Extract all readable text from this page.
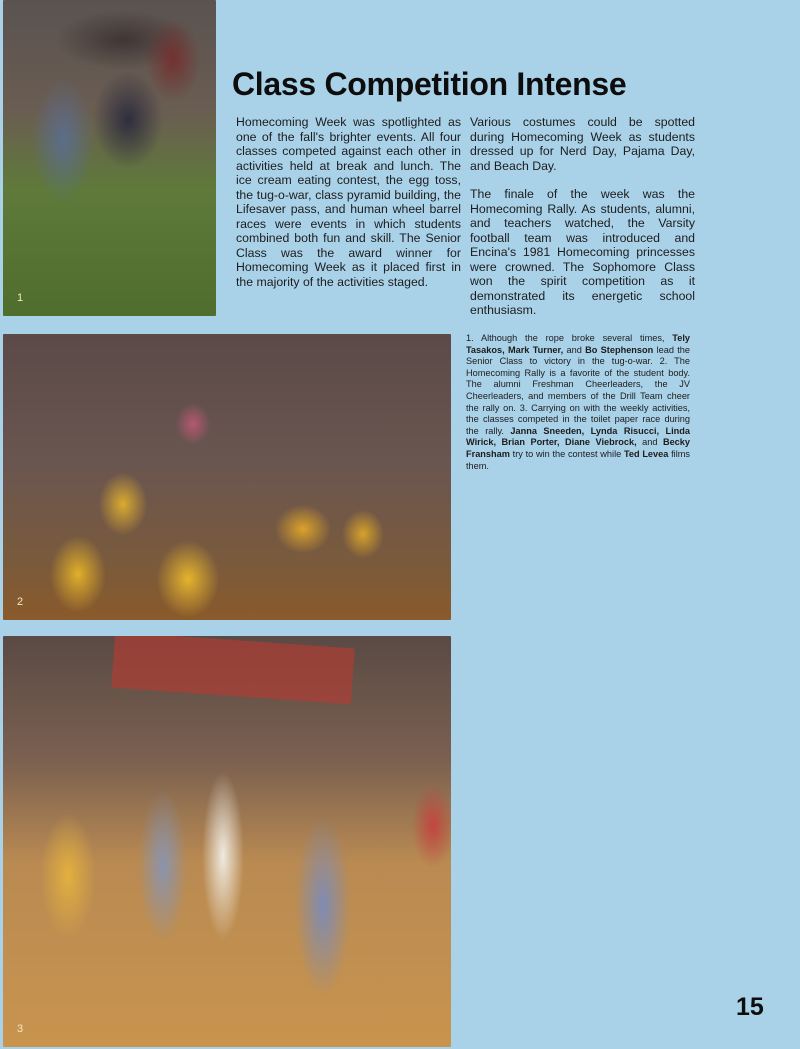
1
2
3
Class Competition Intense

Homecoming Week was spotlighted as one of the fall's brighter events. All four classes competed against each other in activities held at break and lunch. The ice cream eating contest, the egg toss, the tug-o-war, class pyramid building, the Lifesaver pass, and human wheel barrel races were events in which students combined both fun and skill. The Senior Class was the award winner for Homecoming Week as it placed first in the majority of the activities staged.

Various costumes could be spotted during Homecoming Week as students dressed up for Nerd Day, Pajama Day, and Beach Day.

The finale of the week was the Homecoming Rally. As students, alumni, and teachers watched, the Varsity football team was introduced and Encina's 1981 Homecoming princesses were crowned. The Sophomore Class won the spirit competition as it demonstrated its energetic school enthusiasm.

1. Although the rope broke several times, Tely Tasakos, Mark Turner, and Bo Stephenson lead the Senior Class to victory in the tug-o-war. 2. The Homecoming Rally is a favorite of the student body. The alumni Freshman Cheerleaders, the JV Cheerleaders, and members of the Drill Team cheer the rally on. 3. Carrying on with the weekly activities, the classes competed in the toilet paper race during the rally. Janna Sneeden, Lynda Risucci, Linda Wirick, Brian Porter, Diane Viebrock, and Becky Fransham try to win the contest while Ted Levea films them.
15
